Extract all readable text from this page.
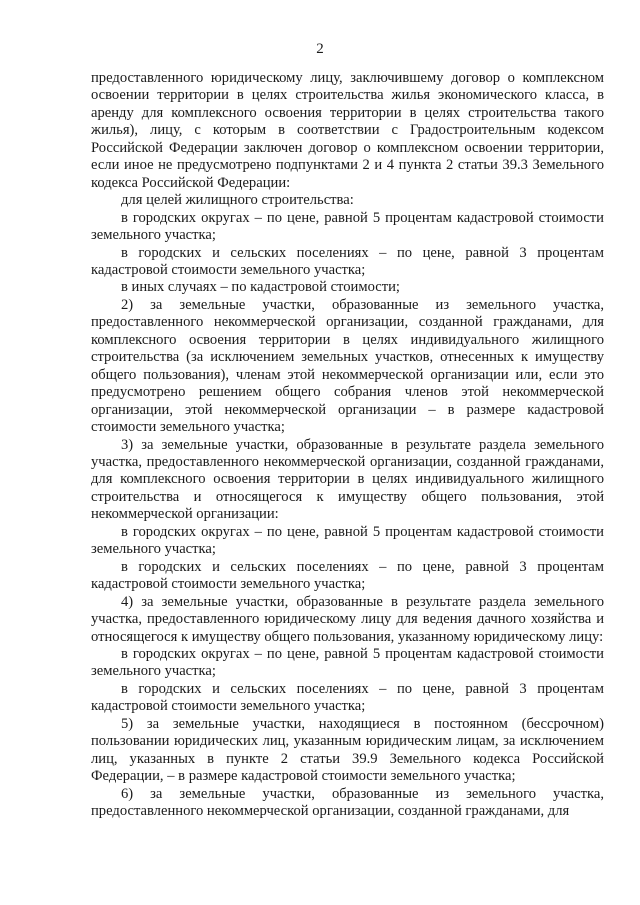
2

предоставленного юридическому лицу, заключившему договор о комплексном освоении территории в целях строительства жилья экономического класса, в аренду для комплексного освоения территории в целях строительства такого жилья), лицу, с которым в соответствии с Градостроительным кодексом Российской Федерации заключен договор о комплексном освоении территории, если иное не предусмотрено подпунктами 2 и 4 пункта 2 статьи 39.3 Земельного кодекса Российской Федерации:

для целей жилищного строительства:

в городских округах – по цене, равной 5 процентам кадастровой стоимости земельного участка;

в городских и сельских поселениях – по цене, равной 3 процентам кадастровой стоимости земельного участка;

в иных случаях – по кадастровой стоимости;

2) за земельные участки, образованные из земельного участка, предоставленного некоммерческой организации, созданной гражданами, для комплексного освоения территории в целях индивидуального жилищного строительства (за исключением земельных участков, отнесенных к имуществу общего пользования), членам этой некоммерческой организации или, если это предусмотрено решением общего собрания членов этой некоммерческой организации, этой некоммерческой организации – в размере кадастровой стоимости земельного участка;

3) за земельные участки, образованные в результате раздела земельного участка, предоставленного некоммерческой организации, созданной гражданами, для комплексного освоения территории в целях индивидуального жилищного строительства и относящегося к имуществу общего пользования, этой некоммерческой организации:

в городских округах – по цене, равной 5 процентам кадастровой стоимости земельного участка;

в городских и сельских поселениях – по цене, равной 3 процентам кадастровой стоимости земельного участка;

4) за земельные участки, образованные в результате раздела земельного участка, предоставленного юридическому лицу для ведения дачного хозяйства и относящегося к имуществу общего пользования, указанному юридическому лицу:

в городских округах – по цене, равной 5 процентам кадастровой стоимости земельного участка;

в городских и сельских поселениях – по цене, равной 3 процентам кадастровой стоимости земельного участка;

5) за земельные участки, находящиеся в постоянном (бессрочном) пользовании юридических лиц, указанным юридическим лицам, за исключением лиц, указанных в пункте 2 статьи 39.9 Земельного кодекса Российской Федерации, – в размере кадастровой стоимости земельного участка;

6) за земельные участки, образованные из земельного участка, предоставленного некоммерческой организации, созданной гражданами, для
